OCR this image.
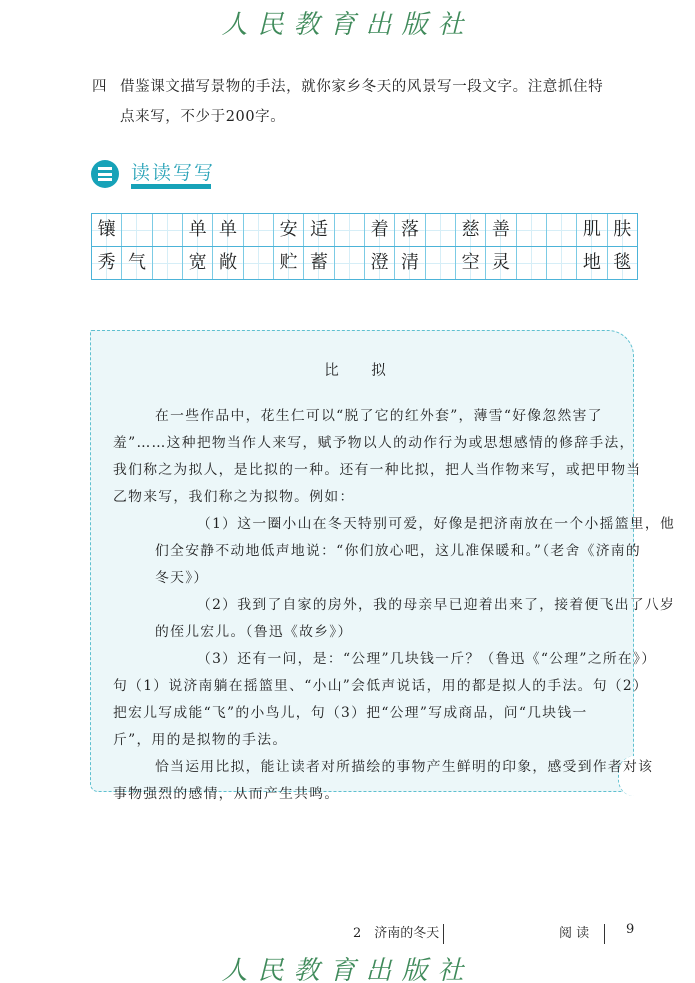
人民教育出版社
四 借鉴课文描写景物的手法，就你家乡冬天的风景写一段文字。注意抓住特
点来写，不少于200字。
读读写写
镶	单 单	安 适	着 落	慈 善	肌 肤
秀 气	宽 敞	贮 蓄	澄 清	空 灵	地 毯
比 拟
在一些作品中，花生仁可以“脱了它的红外套”，薄雪“好像忽然害了
羞”……这种把物当作人来写，赋予物以人的动作行为或思想感情的修辞手法，
我们称之为拟人，是比拟的一种。还有一种比拟，把人当作物来写，或把甲物当
乙物来写，我们称之为拟物。例如：
（1）这一圈小山在冬天特别可爱，好像是把济南放在一个小摇篮里，他
们全安静不动地低声地说：“你们放心吧，这儿准保暖和。”（老舍《济南的
冬天》）
（2）我到了自家的房外，我的母亲早已迎着出来了，接着便飞出了八岁
的侄儿宏儿。（鲁迅《故乡》）
（3）还有一问，是：“公理”几块钱一斤？（鲁迅《“公理”之所在》）
句（1）说济南躺在摇篮里、“小山”会低声说话，用的都是拟人的手法。句（2）
把宏儿写成能“飞”的小鸟儿，句（3）把“公理”写成商品，问“几块钱一
斤”，用的是拟物的手法。
恰当运用比拟，能让读者对所描绘的事物产生鲜明的印象，感受到作者对该
事物强烈的感情，从而产生共鸣。
2　济南的冬天	阅 读	9
人民教育出版社
